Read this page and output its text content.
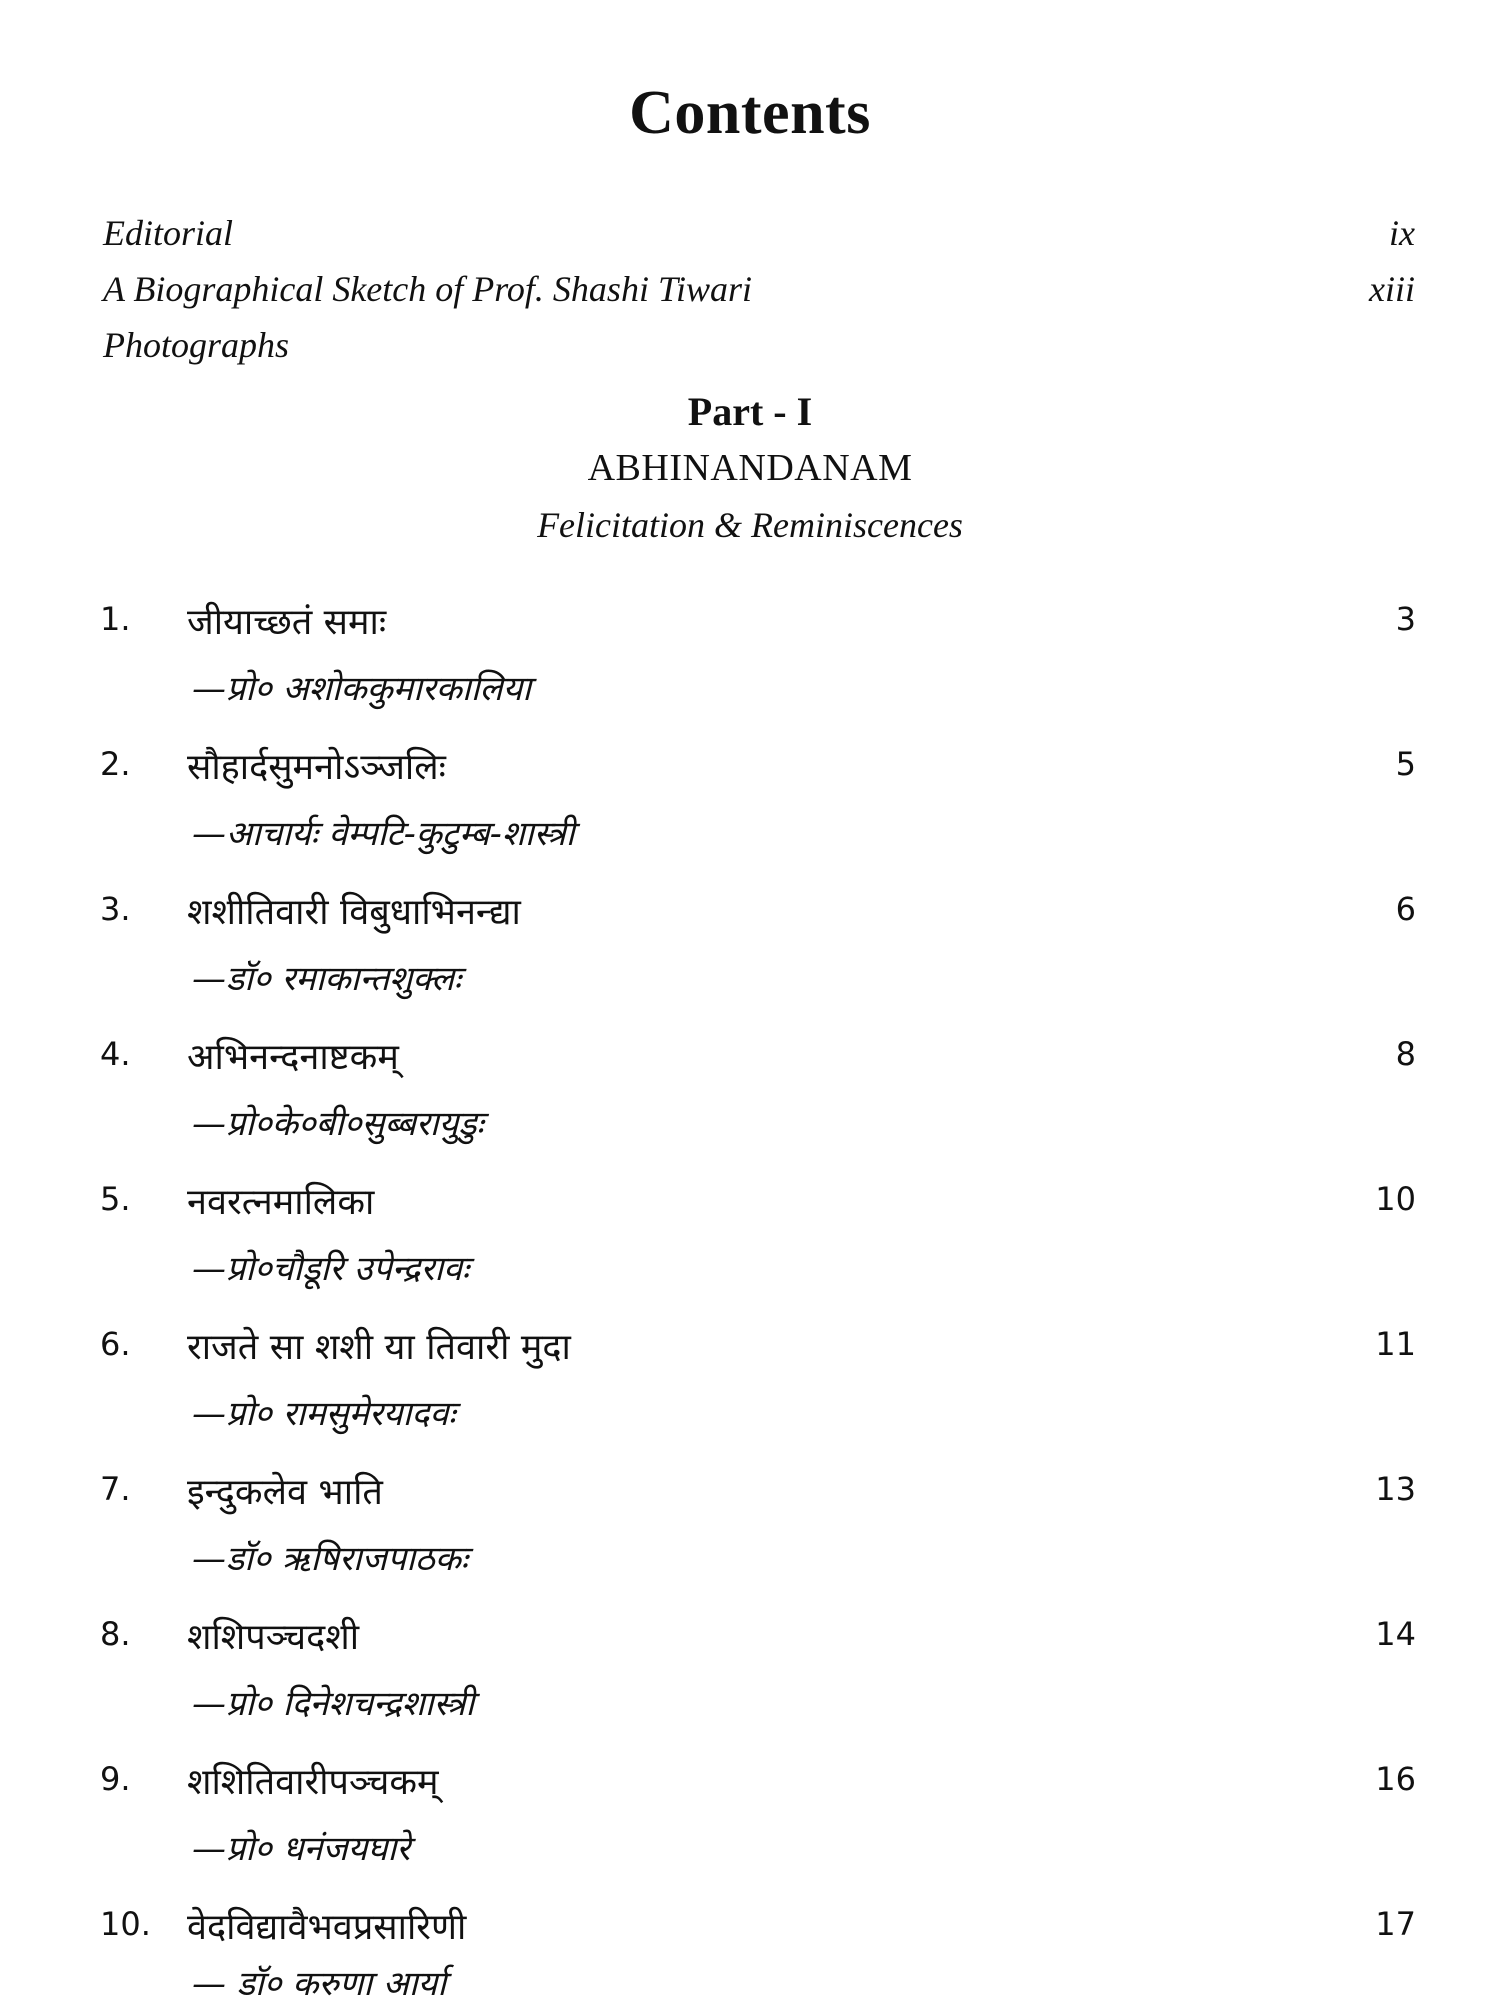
Contents
Editorial	ix
A Biographical Sketch of Prof. Shashi Tiwari	xiii
Photographs
Part - I
ABHINANDANAM
Felicitation & Reminiscences
1. जीयाच्छतं समाः
—प्रो० अशोककुमारकालिया
3
2. सौहार्दसुमनोऽञ्जलिः
—आचार्यः वेम्पटि-कुटुम्ब-शास्त्री
5
3. शशीतिवारी विबुधाभिनन्द्या
—डॉ० रमाकान्तशुक्लः
6
4. अभिनन्दनाष्टकम्
—प्रो०के०बी०सुब्बरायुडुः
8
5. नवरत्नमालिका
—प्रो०चौडूरि उपेन्द्ररावः
10
6. राजते सा शशी या तिवारी मुदा
—प्रो० रामसुमेरयादवः
11
7. इन्दुकलेव भाति
—डॉ० ऋषिराजपाठकः
13
8. शशिपञ्चदशी
—प्रो० दिनेशचन्द्रशास्त्री
14
9. शशितिवारीपञ्चकम्
—प्रो० धनंजयघारे
16
10. वेदविद्यावैभवप्रसारिणी
— डॉ० करुणा आर्या
17
